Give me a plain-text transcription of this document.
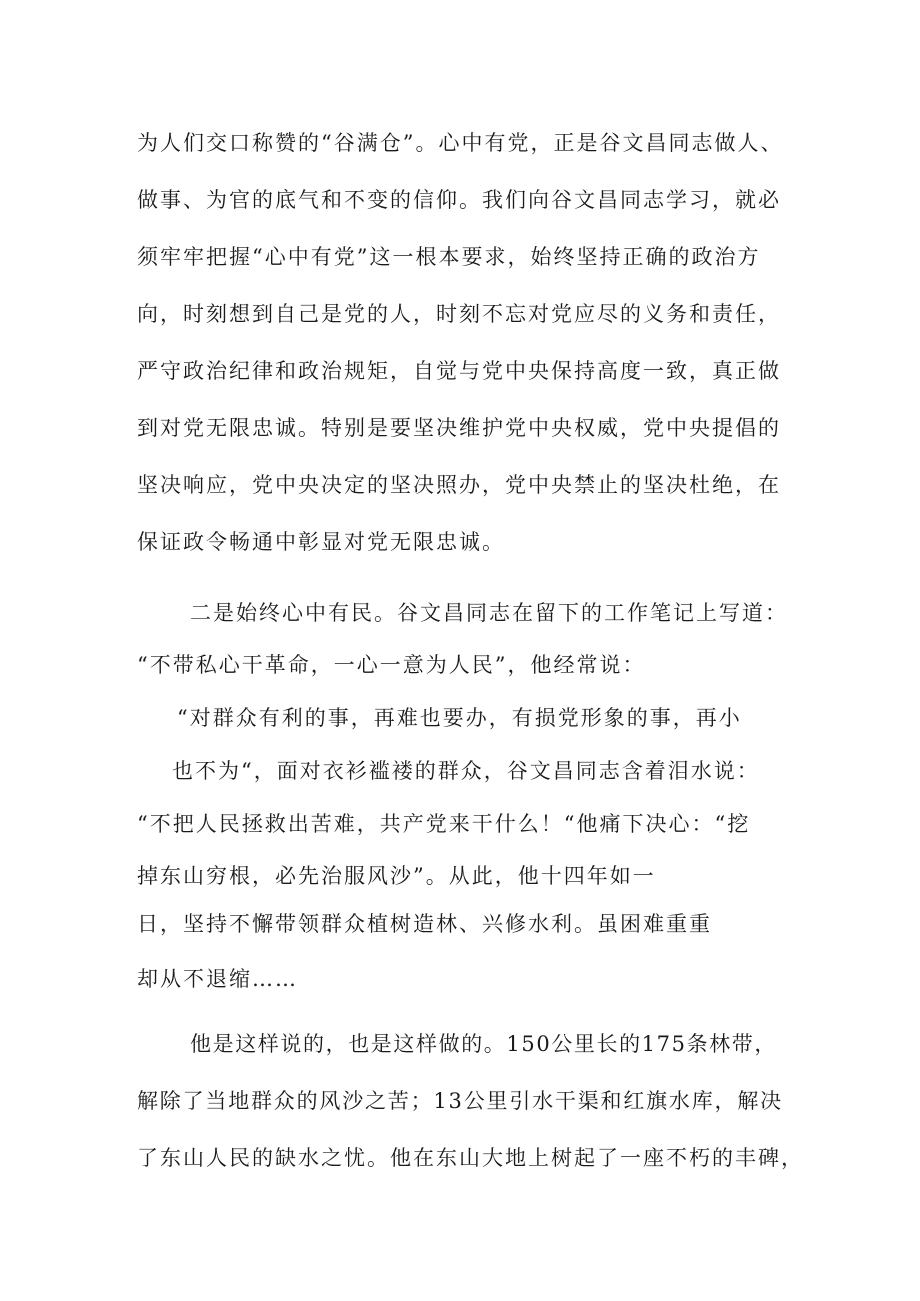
为人们交口称赞的“谷满仓”。心中有党，正是谷文昌同志做人、
做事、为官的底气和不变的信仰。我们向谷文昌同志学习，就必
须牢牢把握“心中有党”这一根本要求，始终坚持正确的政治方
向，时刻想到自己是党的人，时刻不忘对党应尽的义务和责任，
严守政治纪律和政治规矩，自觉与党中央保持高度一致，真正做
到对党无限忠诚。特别是要坚决维护党中央权威，党中央提倡的
坚决响应，党中央决定的坚决照办，党中央禁止的坚决杜绝，在
保证政令畅通中彰显对党无限忠诚。
二是始终心中有民。谷文昌同志在留下的工作笔记上写道：
“不带私心干革命，一心一意为人民”，他经常说：
“对群众有利的事，再难也要办，有损党形象的事，再小
也不为“，面对衣衫褴褛的群众，谷文昌同志含着泪水说：
“不把人民拯救出苦难，共产党来干什么！“他痛下决心：“挖
掉东山穷根，必先治服风沙”。从此，他十四年如一
日，坚持不懈带领群众植树造林、兴修水利。虽困难重重
却从不退缩……
他是这样说的，也是这样做的。150公里长的175条林带，
解除了当地群众的风沙之苦；13公里引水干渠和红旗水库，解决
了东山人民的缺水之忧。他在东山大地上树起了一座不朽的丰碑，
